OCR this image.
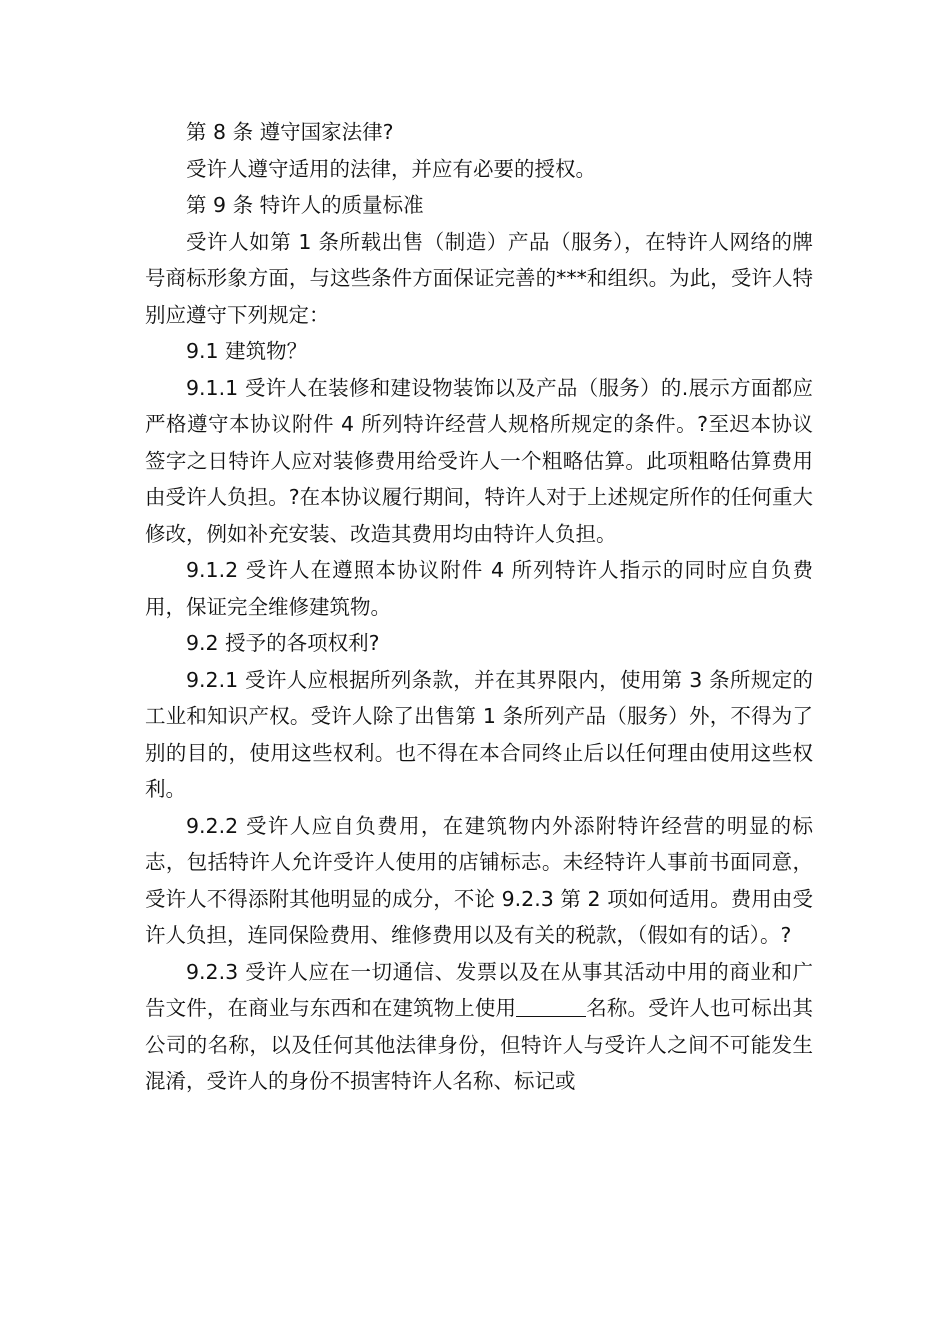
第 8 条 遵守国家法律?

受许人遵守适用的法律，并应有必要的授权。

第 9 条 特许人的质量标准

受许人如第 1 条所载出售（制造）产品（服务），在特许人网络的牌号商标形象方面，与这些条件方面保证完善的***和组织。为此，受许人特别应遵守下列规定：

9.1 建筑物？

9.1.1 受许人在装修和建设物装饰以及产品（服务）的.展示方面都应严格遵守本协议附件 4 所列特许经营人规格所规定的条件。?至迟本协议签字之日特许人应对装修费用给受许人一个粗略估算。此项粗略估算费用由受许人负担。?在本协议履行期间，特许人对于上述规定所作的任何重大修改，例如补充安装、改造其费用均由特许人负担。

9.1.2 受许人在遵照本协议附件 4 所列特许人指示的同时应自负费用，保证完全维修建筑物。

9.2 授予的各项权利?

9.2.1 受许人应根据所列条款，并在其界限内，使用第 3 条所规定的工业和知识产权。受许人除了出售第 1 条所列产品（服务）外，不得为了别的目的，使用这些权利。也不得在本合同终止后以任何理由使用这些权利。

9.2.2 受许人应自负费用，在建筑物内外添附特许经营的明显的标志，包括特许人允许受许人使用的店铺标志。未经特许人事前书面同意，受许人不得添附其他明显的成分，不论 9.2.3 第 2 项如何适用。费用由受许人负担，连同保险费用、维修费用以及有关的税款，（假如有的话）。?

9.2.3 受许人应在一切通信、发票以及在从事其活动中用的商业和广告文件，在商业与东西和在建筑物上使用	名称。受许人也可标出其公司的名称，以及任何其他法律身份，但特许人与受许人之间不可能发生混淆，受许人的身份不损害特许人名称、标记或
